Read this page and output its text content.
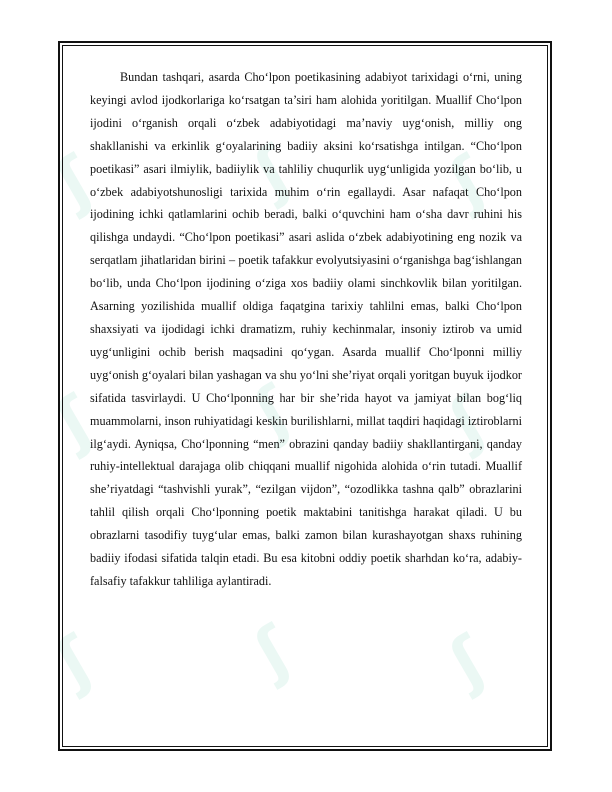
ʃ ʃ ʃ
ʃ ʃ ʃ
ʃ ʃ ʃ

Bundan tashqari, asarda Cho‘lpon poetikasining adabiyot tarixidagi o‘rni, uning keyingi avlod ijodkorlariga ko‘rsatgan ta’siri ham alohida yoritilgan. Muallif Cho‘lpon ijodini o‘rganish orqali o‘zbek adabiyotidagi ma’naviy uyg‘onish, milliy ong shakllanishi va erkinlik g‘oyalarining badiiy aksini ko‘rsatishga intilgan. “Cho‘lpon poetikasi” asari ilmiylik, badiiylik va tahliliy chuqurlik uyg‘unligida yozilgan bo‘lib, u o‘zbek adabiyotshunosligi tarixida muhim o‘rin egallaydi. Asar nafaqat Cho‘lpon ijodining ichki qatlamlarini ochib beradi, balki o‘quvchini ham o‘sha davr ruhini his qilishga undaydi. “Cho‘lpon poetikasi” asari aslida o‘zbek adabiyotining eng nozik va serqatlam jihatlaridan birini – poetik tafakkur evolyutsiyasini o‘rganishga bag‘ishlangan bo‘lib, unda Cho‘lpon ijodining o‘ziga xos badiiy olami sinchkovlik bilan yoritilgan. Asarning yozilishida muallif oldiga faqatgina tarixiy tahlilni emas, balki Cho‘lpon shaxsiyati va ijodidagi ichki dramatizm, ruhiy kechinmalar, insoniy iztirob va umid uyg‘unligini ochib berish maqsadini qo‘ygan. Asarda muallif Cho‘lponni milliy uyg‘onish g‘oyalari bilan yashagan va shu yo‘lni she’riyat orqali yoritgan buyuk ijodkor sifatida tasvirlaydi. U Cho‘lponning har bir she’rida hayot va jamiyat bilan bog‘liq muammolarni, inson ruhiyatidagi keskin burilishlarni, millat taqdiri haqidagi iztiroblarni ilg‘aydi. Ayniqsa, Cho‘lponning “men” obrazini qanday badiiy shakllantirgani, qanday ruhiy-intellektual darajaga olib chiqqani muallif nigohida alohida o‘rin tutadi. Muallif she’riyatdagi “tashvishli yurak”, “ezilgan vijdon”, “ozodlikka tashna qalb” obrazlarini tahlil qilish orqali Cho‘lponning poetik maktabini tanitishga harakat qiladi. U bu obrazlarni tasodifiy tuyg‘ular emas, balki zamon bilan kurashayotgan shaxs ruhining badiiy ifodasi sifatida talqin etadi. Bu esa kitobni oddiy poetik sharhdan ko‘ra, adabiy-falsafiy tafakkur tahliliga aylantiradi.
